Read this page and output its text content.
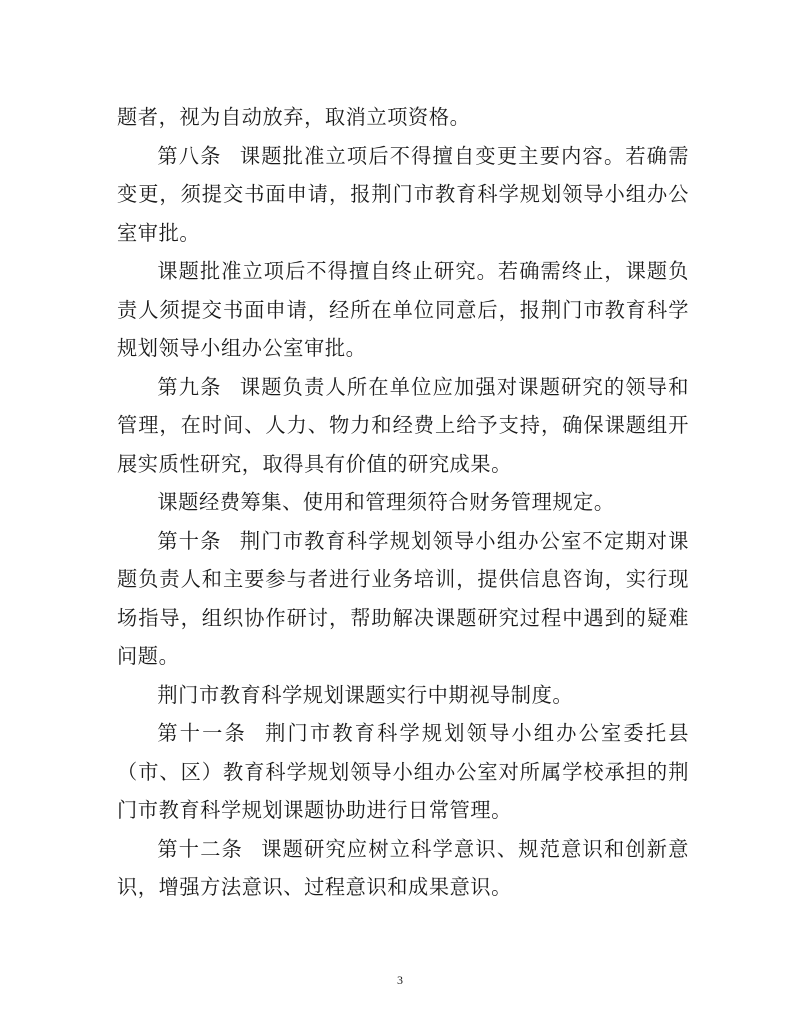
题者，视为自动放弃，取消立项资格。

第八条 课题批准立项后不得擅自变更主要内容。若确需变更，须提交书面申请，报荆门市教育科学规划领导小组办公室审批。

课题批准立项后不得擅自终止研究。若确需终止，课题负责人须提交书面申请，经所在单位同意后，报荆门市教育科学规划领导小组办公室审批。

第九条 课题负责人所在单位应加强对课题研究的领导和管理，在时间、人力、物力和经费上给予支持，确保课题组开展实质性研究，取得具有价值的研究成果。

课题经费筹集、使用和管理须符合财务管理规定。

第十条 荆门市教育科学规划领导小组办公室不定期对课题负责人和主要参与者进行业务培训，提供信息咨询，实行现场指导，组织协作研讨，帮助解决课题研究过程中遇到的疑难问题。

荆门市教育科学规划课题实行中期视导制度。

第十一条 荆门市教育科学规划领导小组办公室委托县（市、区）教育科学规划领导小组办公室对所属学校承担的荆门市教育科学规划课题协助进行日常管理。

第十二条 课题研究应树立科学意识、规范意识和创新意识，增强方法意识、过程意识和成果意识。

3
